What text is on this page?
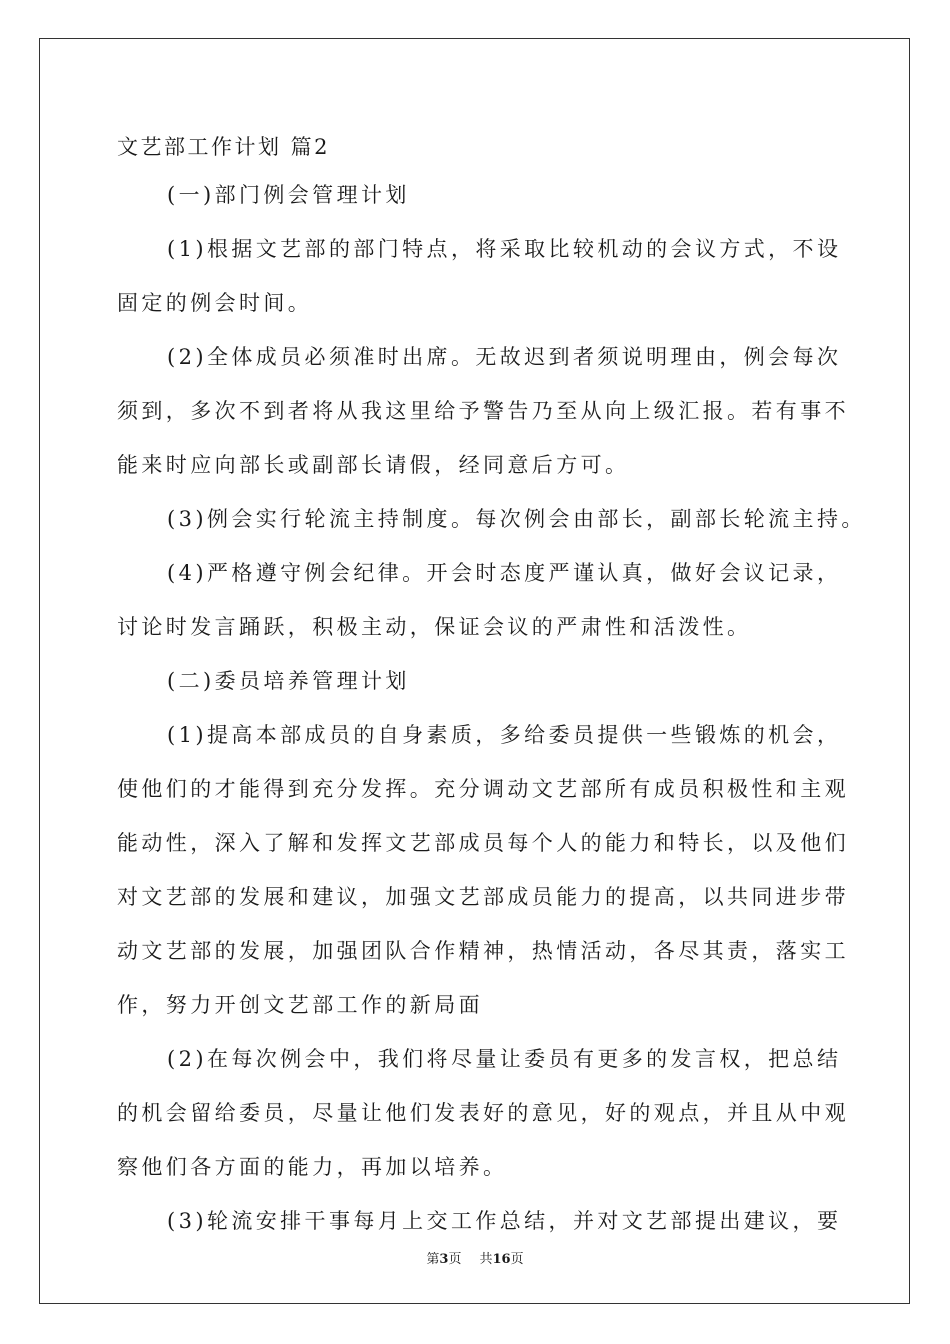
文艺部工作计划 篇2
(一)部门例会管理计划
(1)根据文艺部的部门特点，将采取比较机动的会议方式，不设
固定的例会时间。
(2)全体成员必须准时出席。无故迟到者须说明理由，例会每次
须到，多次不到者将从我这里给予警告乃至从向上级汇报。若有事不
能来时应向部长或副部长请假，经同意后方可。
(3)例会实行轮流主持制度。每次例会由部长，副部长轮流主持。
(4)严格遵守例会纪律。开会时态度严谨认真，做好会议记录，
讨论时发言踊跃，积极主动，保证会议的严肃性和活泼性。
(二)委员培养管理计划
(1)提高本部成员的自身素质，多给委员提供一些锻炼的机会，
使他们的才能得到充分发挥。充分调动文艺部所有成员积极性和主观
能动性，深入了解和发挥文艺部成员每个人的能力和特长，以及他们
对文艺部的发展和建议，加强文艺部成员能力的提高，以共同进步带
动文艺部的发展，加强团队合作精神，热情活动，各尽其责，落实工
作，努力开创文艺部工作的新局面
(2)在每次例会中，我们将尽量让委员有更多的发言权，把总结
的机会留给委员，尽量让他们发表好的意见，好的观点，并且从中观
察他们各方面的能力，再加以培养。
(3)轮流安排干事每月上交工作总结，并对文艺部提出建议，要
第3页 共16页
